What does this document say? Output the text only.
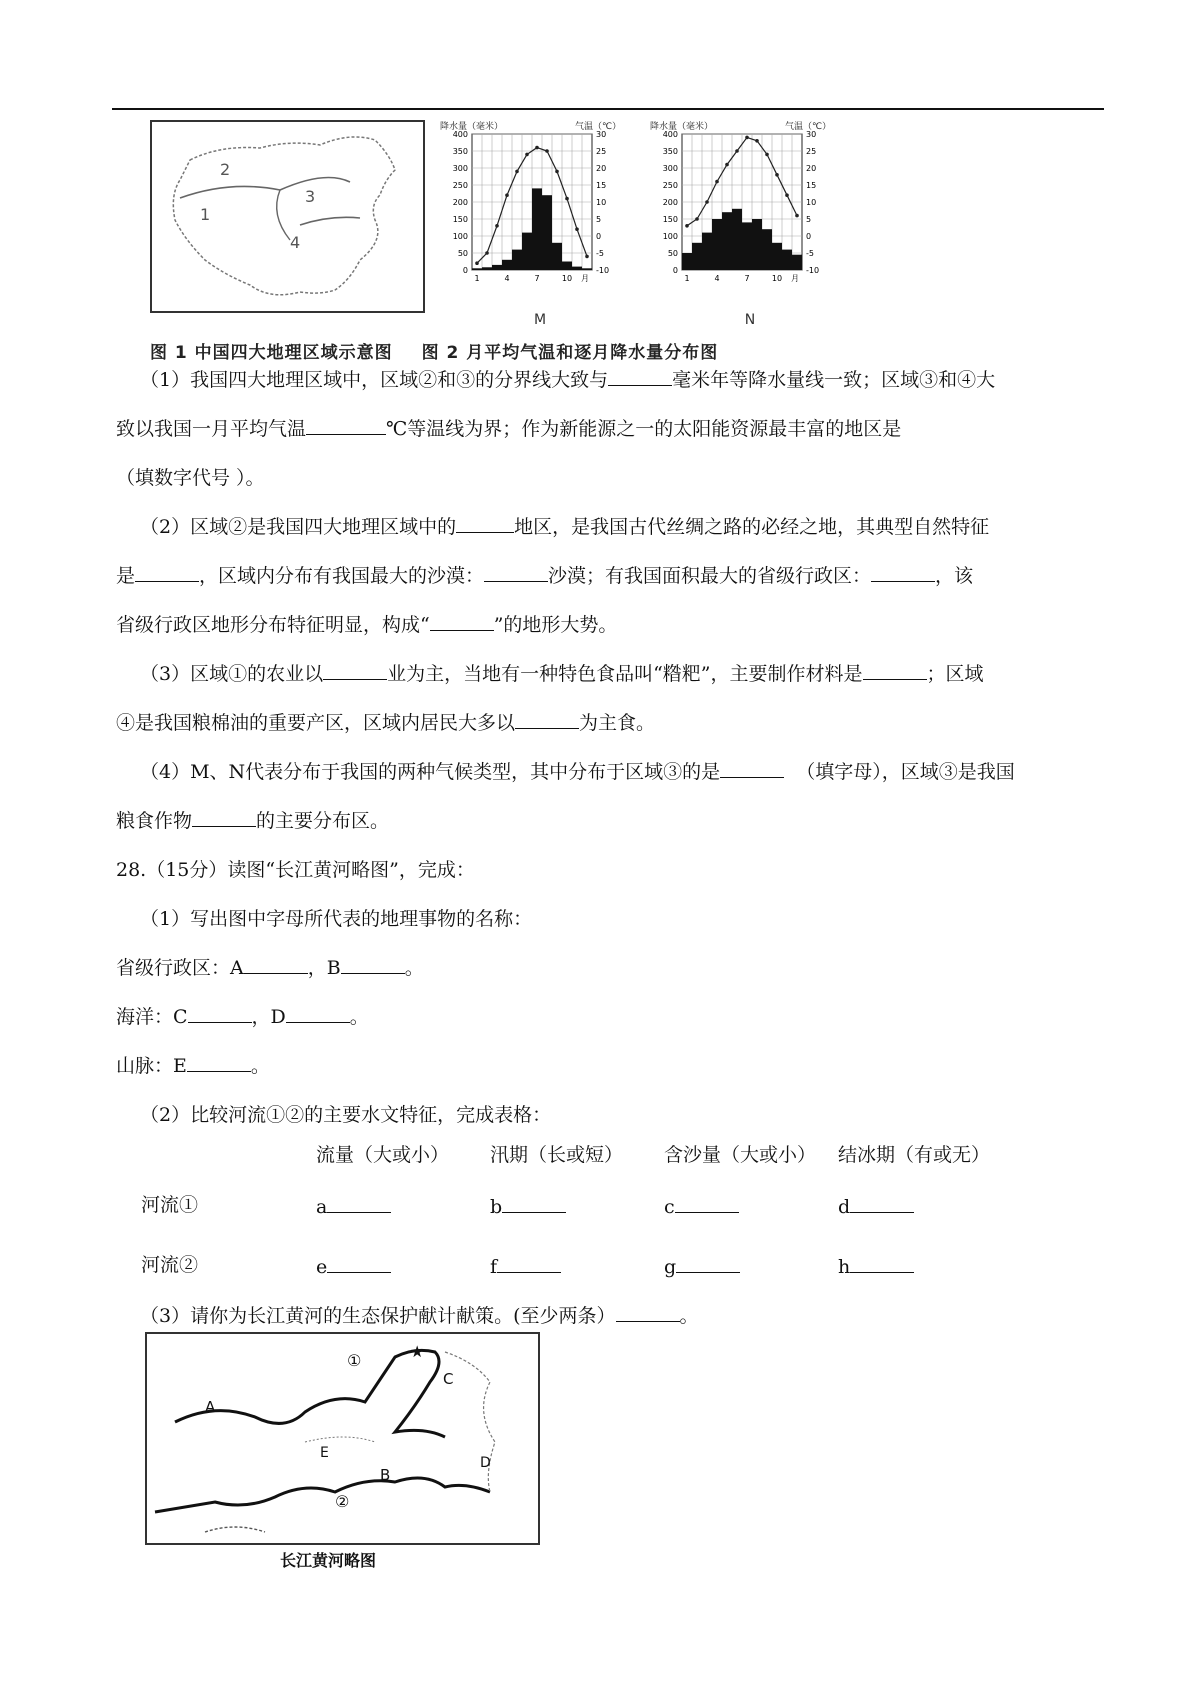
2
1
3
4
降水量（毫米）	气温（℃）
400
350
300
250
200
150
100
50
0
30
25
20
15
10
5
0
-5
-10
1	4	7	10 月
M
降水量（毫米）	气温（℃）
400
350
300
250
200
150
100
50
0
30
25
20
15
10
5
0
-5
-10
1	4	7	10 月
N
图 1 中国四大地理区域示意图 图 2 月平均气温和逐月降水量分布图
（1）我国四大地理区域中，区域②和③的分界线大致与	毫米年等降水量线一致；区域③和④大
致以我国一月平均气温	℃等温线为界；作为新能源之一的太阳能资源最丰富的地区是
（填数字代号 ）。
（2）区域②是我国四大地理区域中的	地区，是我国古代丝绸之路的必经之地，其典型自然特征
是	，区域内分布有我国最大的沙漠：	沙漠；有我国面积最大的省级行政区：	，该
省级行政区地形分布特征明显，构成“	”的地形大势。
（3）区域①的农业以	业为主，当地有一种特色食品叫“糌粑”，主要制作材料是	；区域
④是我国粮棉油的重要产区，区域内居民大多以	为主食。
（4）M、N代表分布于我国的两种气候类型，其中分布于区域③的是	（填字母），区域③是我国
粮食作物	的主要分布区。
28.（15分）读图“长江黄河略图”，完成：
（1）写出图中字母所代表的地理事物的名称：
省级行政区：A	，B	。
海洋：C	，D	。
山脉：E	。
（2）比较河流①②的主要水文特征，完成表格：
流量（大或小） 汛期（长或短） 含沙量（大或小） 结冰期（有或无）
河流①	a	b	c	d
河流②	e	f	g	h
（3）请你为长江黄河的生态保护献计献策。(至少两条）	。
①
②
A
B
C
D
E
★
长江黄河略图
